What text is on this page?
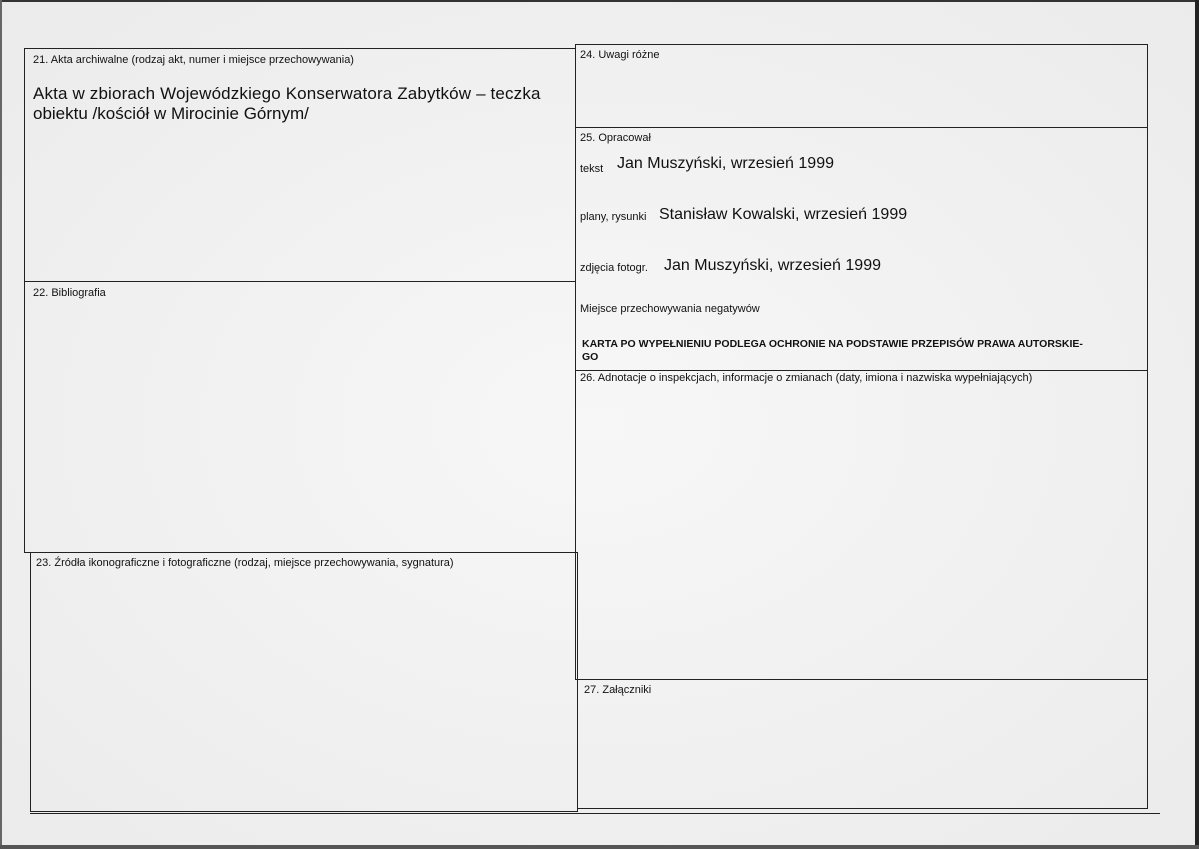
21. Akta archiwalne (rodzaj akt, numer i miejsce przechowywania)
Akta w zbiorach Wojewódzkiego Konserwatora Zabytków – teczka
obiektu /kościół w Mirocinie Górnym/
22. Bibliografia
23. Źródła ikonograficzne i fotograficzne (rodzaj, miejsce przechowywania, sygnatura)
24. Uwagi różne
25. Opracował
tekst Jan Muszyński, wrzesień 1999
plany, rysunki Stanisław Kowalski, wrzesień 1999
zdjęcia fotogr. Jan Muszyński, wrzesień 1999
Miejsce przechowywania negatywów
KARTA PO WYPEŁNIENIU PODLEGA OCHRONIE NA PODSTAWIE PRZEPISÓW PRAWA AUTORSKIE-
GO
26. Adnotacje o inspekcjach, informacje o zmianach (daty, imiona i nazwiska wypełniających)
27. Załączniki
